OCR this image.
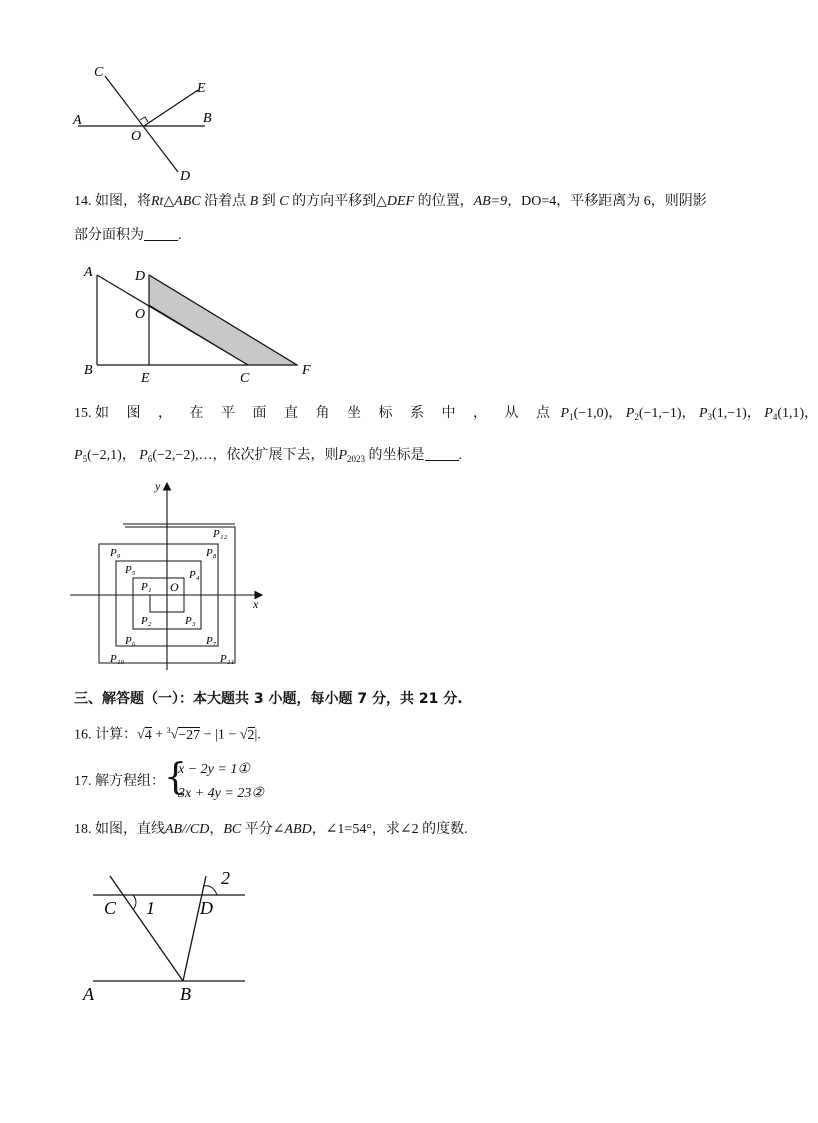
A	B
C
D
E
O
14. 如图，将Rt△ABC 沿着点 B 到 C 的方向平移到△DEF 的位置，AB=9，DO=4，平移距离为 6，则阴影
部分面积为 .
A	D
O
B
E	C
F
15. 如 图 ， 在 平 面 直 角 坐 标 系 中 ， 从 点 $P_1(-1,0)$， $P_2(-1,-1)$， $P_3(1,-1)$， $P_4(1,1)$，
$P_5(-2,1)$， $P_6(-2,-2),\dots$，依次扩展下去，则$P_{2023}$ 的坐标是 .
x
y
O
P₁
P₂	P₃
P₄
P₅
P₆	P₇
P₈
P₉
P₁₀	P₁₁
P₁₂
三、解答题（一）：本大题共 3 小题，每小题 7 分，共 21 分.
16. 计算：√4 + $^3$√−27 − |1 − √2|.
17. 解方程组： {
x − 2y = 1①
3x + 4y = 23②
18. 如图，直线AB//CD，BC 平分∠ABD，∠1=54°，求∠2 的度数.
C 1	D
2
A	B
